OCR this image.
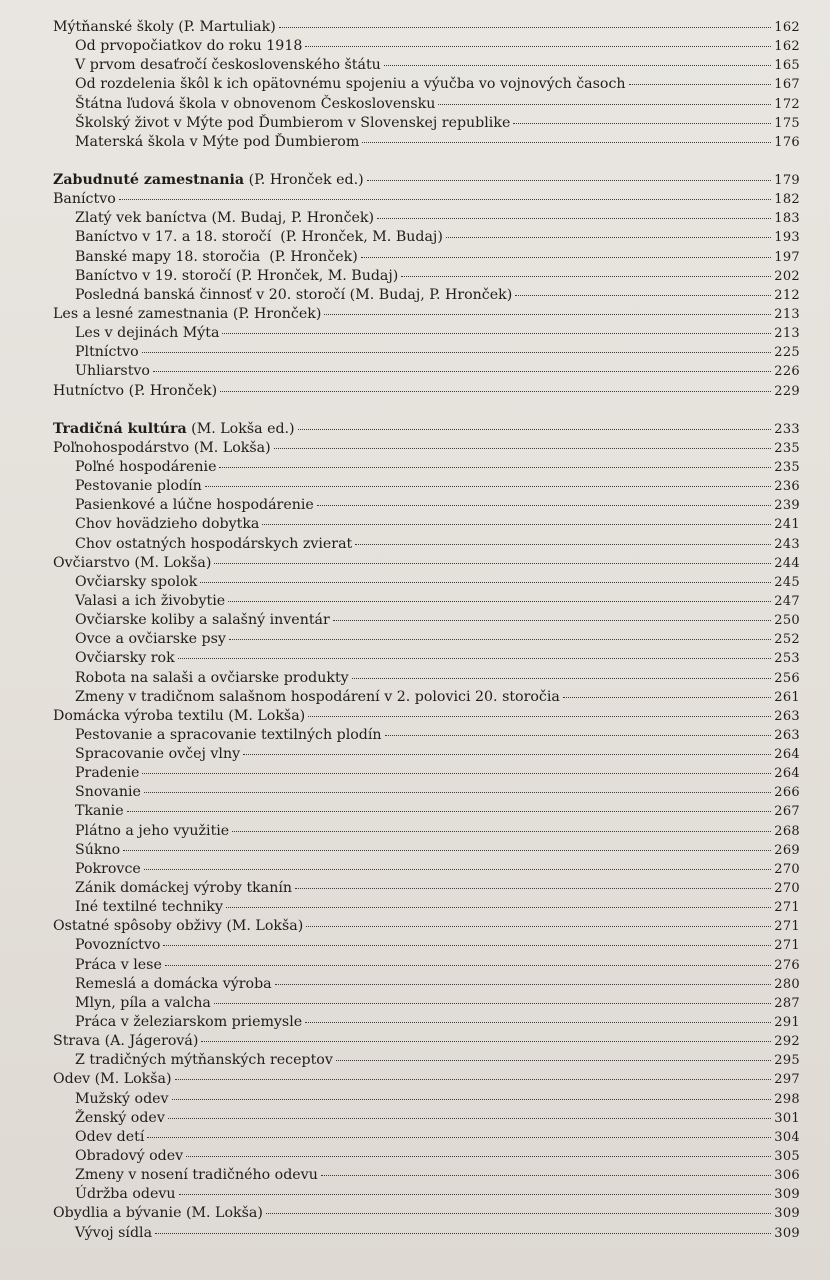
Mýtňanské školy (P. Martuliak)	162
Od prvopočiatkov do roku 1918	162
V prvom desaťročí československého štátu	165
Od rozdelenia škôl k ich opätovnému spojeniu a výučba vo vojnových časoch	167
Štátna ľudová škola v obnovenom Československu	172
Školský život v Mýte pod Ďumbierom v Slovenskej republike	175
Materská škola v Mýte pod Ďumbierom	176
Zabudnuté zamestnania (P. Hronček ed.)	179
Baníctvo	182
Zlatý vek baníctva (M. Budaj, P. Hronček)	183
Baníctvo v 17. a 18. storočí  (P. Hronček, M. Budaj)	193
Banské mapy 18. storočia  (P. Hronček)	197
Baníctvo v 19. storočí (P. Hronček, M. Budaj)	202
Posledná banská činnosť v 20. storočí (M. Budaj, P. Hronček)	212
Les a lesné zamestnania (P. Hronček)	213
Les v dejinách Mýta	213
Pltníctvo	225
Uhliarstvo	226
Hutníctvo (P. Hronček)	229
Tradičná kultúra (M. Lokša ed.)	233
Poľnohospodárstvo (M. Lokša)	235
Poľné hospodárenie	235
Pestovanie plodín	236
Pasienkové a lúčne hospodárenie	239
Chov hovädzieho dobytka	241
Chov ostatných hospodárskych zvierat	243
Ovčiarstvo (M. Lokša)	244
Ovčiarsky spolok	245
Valasi a ich živobytie	247
Ovčiarske koliby a salašný inventár	250
Ovce a ovčiarske psy	252
Ovčiarsky rok	253
Robota na salaši a ovčiarske produkty	256
Zmeny v tradičnom salašnom hospodárení v 2. polovici 20. storočia	261
Domácka výroba textilu (M. Lokša)	263
Pestovanie a spracovanie textilných plodín	263
Spracovanie ovčej vlny	264
Pradenie	264
Snovanie	266
Tkanie	267
Plátno a jeho využitie	268
Súkno	269
Pokrovce	270
Zánik domáckej výroby tkanín	270
Iné textilné techniky	271
Ostatné spôsoby obživy (M. Lokša)	271
Povozníctvo	271
Práca v lese	276
Remeslá a domácka výroba	280
Mlyn, píla a valcha	287
Práca v železiarskom priemysle	291
Strava (A. Jágerová)	292
Z tradičných mýtňanských receptov	295
Odev (M. Lokša)	297
Mužský odev	298
Ženský odev	301
Odev detí	304
Obradový odev	305
Zmeny v nosení tradičného odevu	306
Údržba odevu	309
Obydlia a bývanie (M. Lokša)	309
Vývoj sídla	309
